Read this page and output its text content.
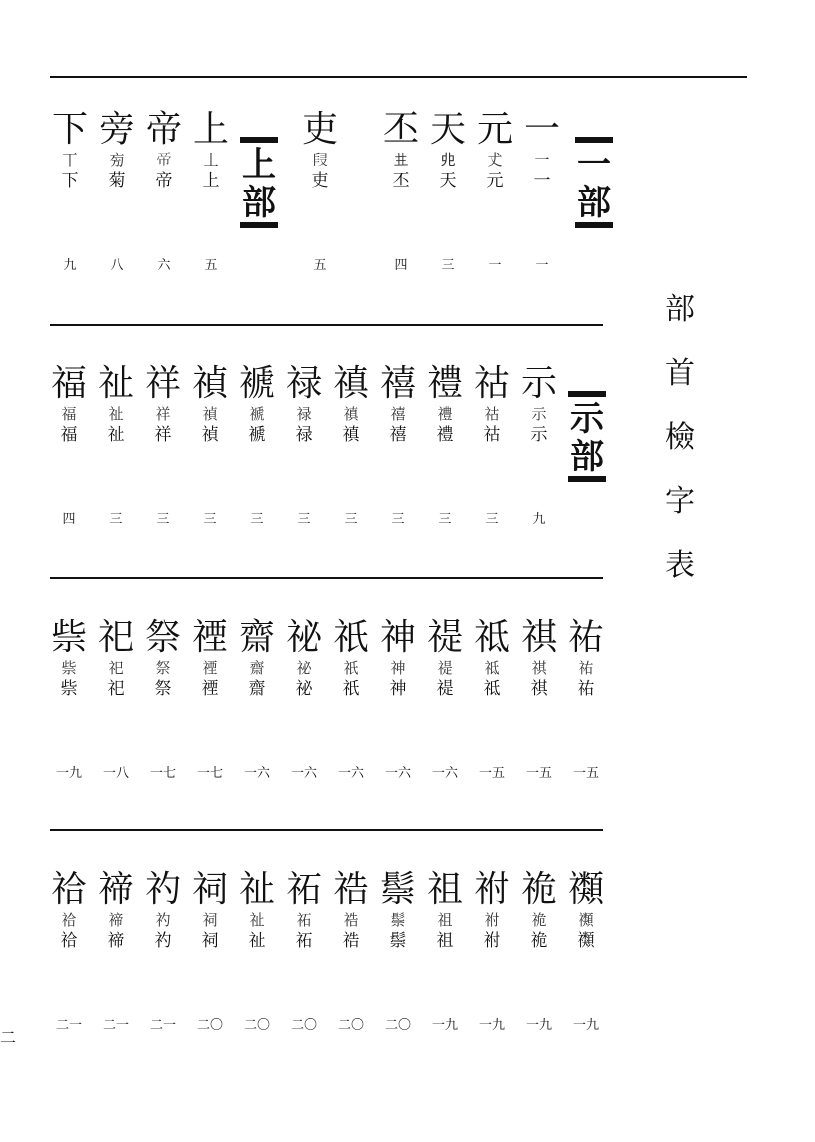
部
首
檢
字
表
二
一
部
一
一
一
一
元
𠀋
元
一
天
𠑹
天
三
丕
𠀎
丕
四
吏
𠭊
吏
五
上
部
上
丄
上
五
帝
𢂇
帝
六
旁
㫄
菊
八
下
丅
下
九
示
部
示
示
示
九
祜
祜
祜
三
禮
禮
禮
三
禧
禧
禧
三
禛
禛
禛
三
禄
禄
禄
三
褫
褫
褫
三
禎
禎
禎
三
祥
祥
祥
三
祉
祉
祉
三
福
福
福
四
祐
祐
祐
一五
祺
祺
祺
一五
祗
祗
祗
一五
禔
禔
禔
一六
神
神
神
一六
祇
祇
祇
一六
祕
祕
祕
一六
齋
齋
齋
一六
禋
禋
禋
一七
祭
祭
祭
一七
祀
祀
祀
一八
祡
祡
祡
一九
禷
禷
禷
一九
祪
祪
祪
一九
祔
祔
祔
一九
祖
祖
祖
一九
鬃
鬃
鬃
二〇
祰
祰
祰
二〇
祏
祏
祏
二〇
祉
祉
祉
二〇
祠
祠
祠
二〇
礿
礿
礿
二一
禘
禘
禘
二一
祫
祫
祫
二一
